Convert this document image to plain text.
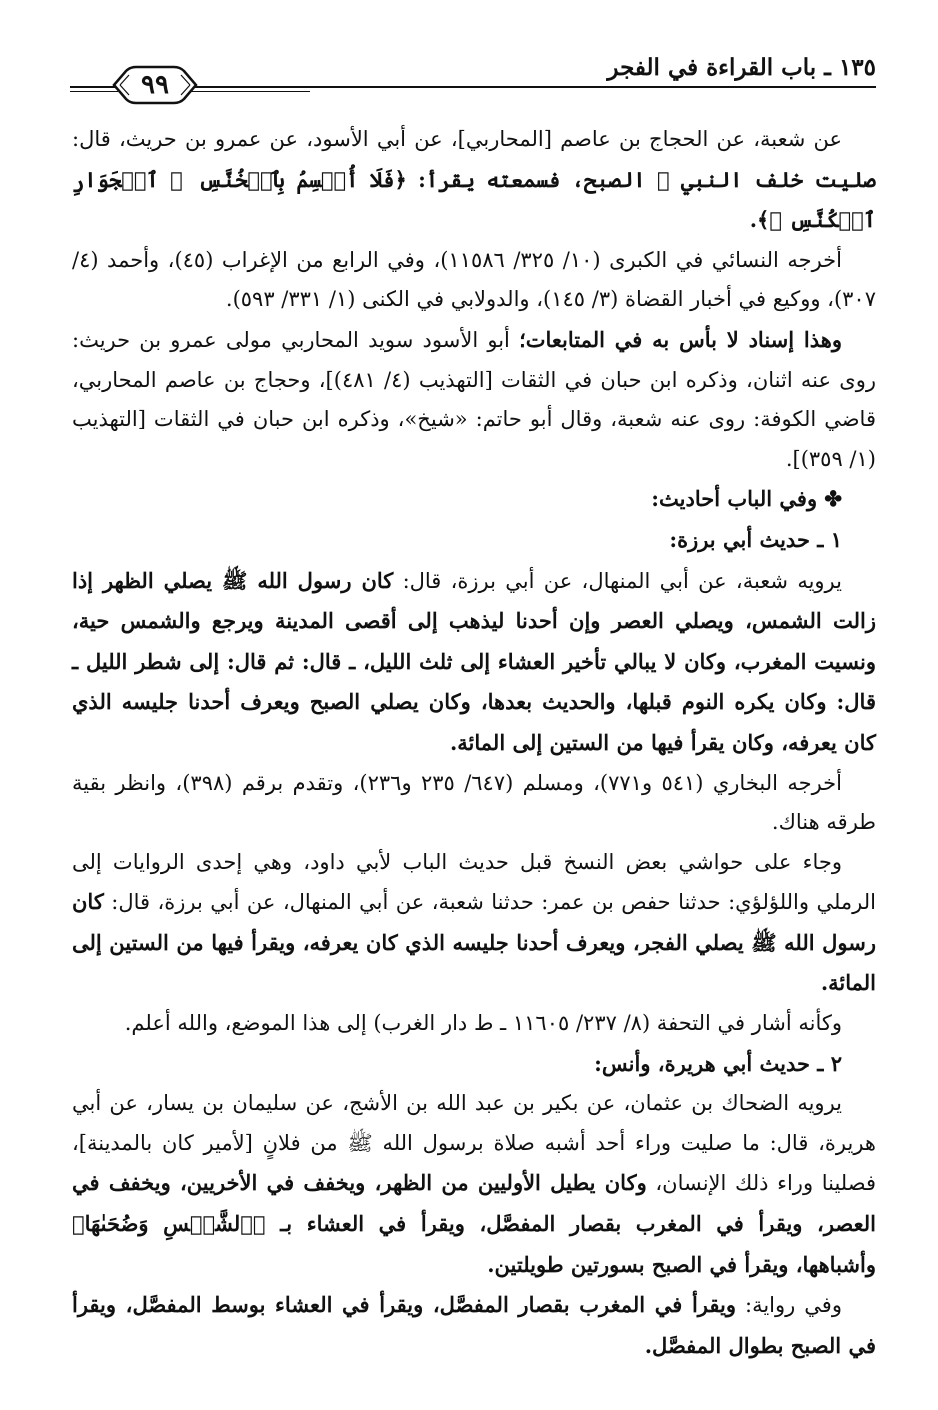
١٣٥ ـ باب القراءة في الفجر
٩٩

عن شعبة، عن الحجاج بن عاصم [المحاربي]، عن أبي الأسود، عن عمرو بن حريث، قال: صليت خلف النبي ﷺ الصبح، فسمعته يقرأ: ﴿فَلَا أُقۡسِمُ بِٱلۡخُنَّسِ ⑮ ٱلۡجَوَارِ ٱلۡكُنَّسِ ⑯﴾.

أخرجه النسائي في الكبرى (١٠/ ٣٢٥/ ١١٥٨٦)، وفي الرابع من الإغراب (٤٥)، وأحمد (٤/ ٣٠٧)، ووكيع في أخبار القضاة (٣/ ١٤٥)، والدولابي في الكنى (١/ ٣٣١/ ٥٩٣).

وهذا إسناد لا بأس به في المتابعات؛ أبو الأسود سويد المحاربي مولى عمرو بن حريث: روى عنه اثنان، وذكره ابن حبان في الثقات [التهذيب (٤/ ٤٨١)]، وحجاج بن عاصم المحاربي، قاضي الكوفة: روى عنه شعبة، وقال أبو حاتم: «شيخ»، وذكره ابن حبان في الثقات [التهذيب (١/ ٣٥٩)].

✤ وفي الباب أحاديث:

١ ـ حديث أبي برزة:

يرويه شعبة، عن أبي المنهال، عن أبي برزة، قال: كان رسول الله ﷺ يصلي الظهر إذا زالت الشمس، ويصلي العصر وإن أحدنا ليذهب إلى أقصى المدينة ويرجع والشمس حية، ونسيت المغرب، وكان لا يبالي تأخير العشاء إلى ثلث الليل، ـ قال: ثم قال: إلى شطر الليل ـ قال: وكان يكره النوم قبلها، والحديث بعدها، وكان يصلي الصبح ويعرف أحدنا جليسه الذي كان يعرفه، وكان يقرأ فيها من الستين إلى المائة.

أخرجه البخاري (٥٤١ و٧٧١)، ومسلم (٦٤٧/ ٢٣٥ و٢٣٦)، وتقدم برقم (٣٩٨)، وانظر بقية طرقه هناك.

وجاء على حواشي بعض النسخ قبل حديث الباب لأبي داود، وهي إحدى الروايات إلى الرملي واللؤلؤي: حدثنا حفص بن عمر: حدثنا شعبة، عن أبي المنهال، عن أبي برزة، قال: كان رسول الله ﷺ يصلي الفجر، ويعرف أحدنا جليسه الذي كان يعرفه، ويقرأ فيها من الستين إلى المائة.

وكأنه أشار في التحفة (٨/ ٢٣٧/ ١١٦٠٥ ـ ط دار الغرب) إلى هذا الموضع، والله أعلم.

٢ ـ حديث أبي هريرة، وأنس:

يرويه الضحاك بن عثمان، عن بكير بن عبد الله بن الأشج، عن سليمان بن يسار، عن أبي هريرة، قال: ما صليت وراء أحد أشبه صلاة برسول الله ﷺ من فلانٍ [لأمير كان بالمدينة]، فصلينا وراء ذلك الإنسان، وكان يطيل الأوليين من الظهر، ويخفف في الأخريين، ويخفف في العصر، ويقرأ في المغرب بقصار المفصَّل، ويقرأ في العشاء بـ ﴿ٱلشَّمۡسِ وَضُحَىٰهَا﴾ وأشباهها، ويقرأ في الصبح بسورتين طويلتين.

وفي رواية: ويقرأ في المغرب بقصار المفصَّل، ويقرأ في العشاء بوسط المفصَّل، ويقرأ في الصبح بطوال المفصَّل.
